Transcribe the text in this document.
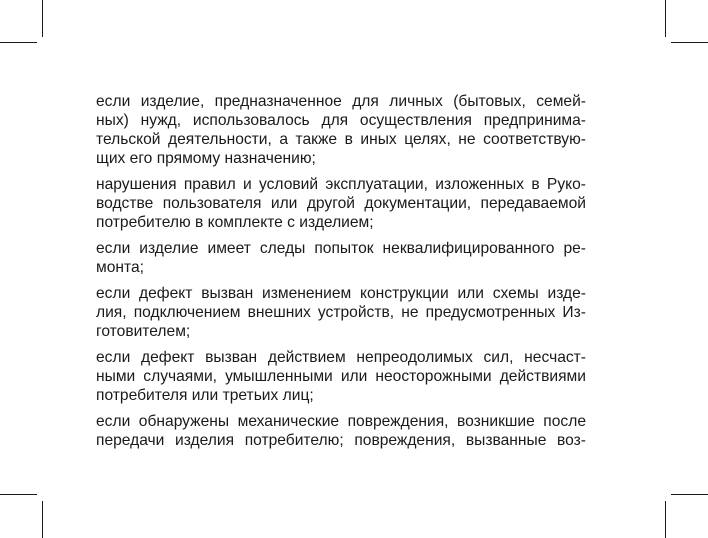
если изделие, предназначенное для личных (бытовых, семей-
ных) нужд, использовалось для осуществления предпринима-
тельской деятельности, а также в иных целях, не соответствую-
щих его прямому назначению;

нарушения правил и условий эксплуатации, изложенных в Руко-
водстве пользователя или другой документации, передаваемой
потребителю в комплекте с изделием;

если изделие имеет следы попыток неквалифицированного ре-
монта;

если дефект вызван изменением конструкции или схемы изде-
лия, подключением внешних устройств, не предусмотренных Из-
готовителем;

если дефект вызван действием непреодолимых сил, несчаст-
ными случаями, умышленными или неосторожными действиями
потребителя или третьих лиц;

если обнаружены механические повреждения, возникшие после
передачи изделия потребителю; повреждения, вызванные воз-
